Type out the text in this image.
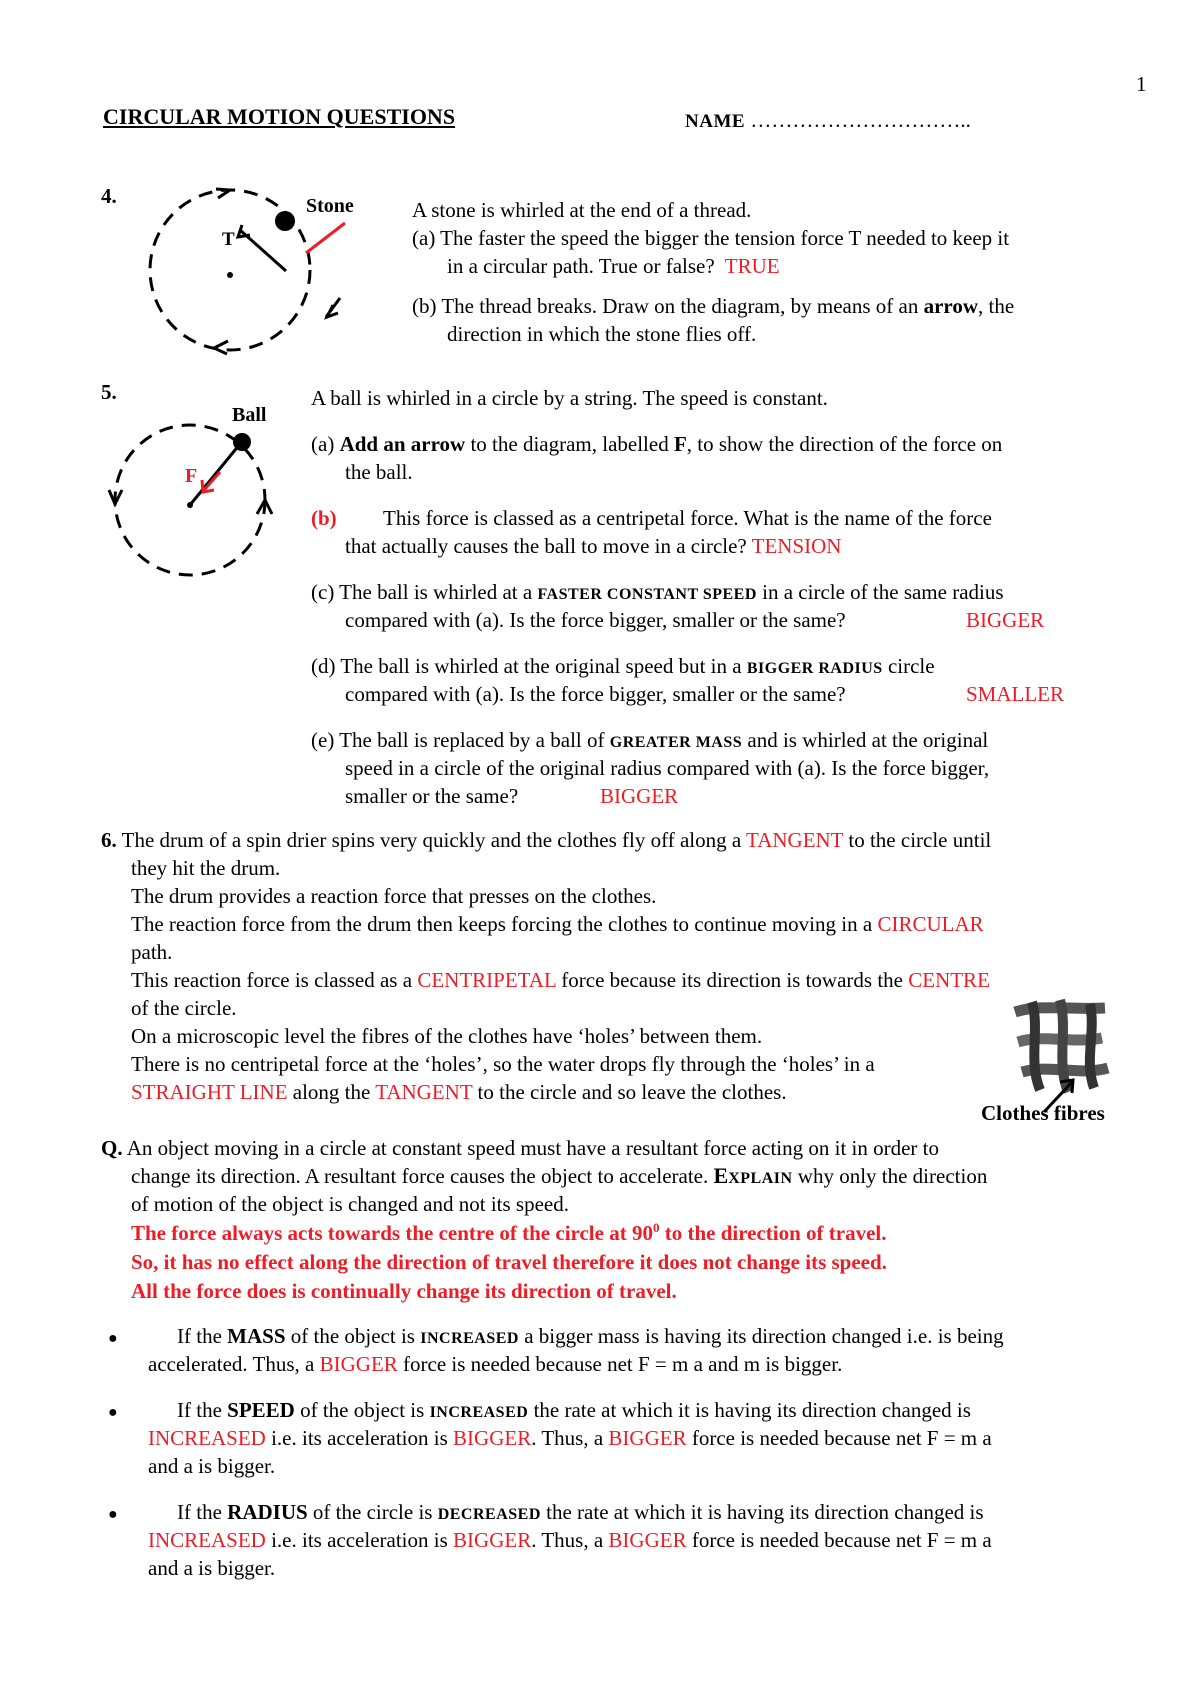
1
CIRCULAR MOTION QUESTIONS	NAME …………………………..
4.	Stone
T
A stone is whirled at the end of a thread.
(a) The faster the speed the bigger the tension force T needed to keep it
in a circular path. True or false? TRUE
(b) The thread breaks. Draw on the diagram, by means of an arrow, the
direction in which the stone flies off.
5.
Ball
F
A ball is whirled in a circle by a string. The speed is constant.
(a) Add an arrow to the diagram, labelled F, to show the direction of the force on
the ball.
(b) This force is classed as a centripetal force. What is the name of the force
that actually causes the ball to move in a circle? TENSION
(c) The ball is whirled at a FASTER CONSTANT SPEED in a circle of the same radius
compared with (a). Is the force bigger, smaller or the same?	BIGGER
(d) The ball is whirled at the original speed but in a BIGGER RADIUS circle
compared with (a). Is the force bigger, smaller or the same?	SMALLER
(e) The ball is replaced by a ball of GREATER MASS and is whirled at the original
speed in a circle of the original radius compared with (a). Is the force bigger,
smaller or the same?	BIGGER
6. The drum of a spin drier spins very quickly and the clothes fly off along a TANGENT to the circle until
they hit the drum.
The drum provides a reaction force that presses on the clothes.
The reaction force from the drum then keeps forcing the clothes to continue moving in a CIRCULAR
path.
This reaction force is classed as a CENTRIPETAL force because its direction is towards the CENTRE
of the circle.
On a microscopic level the fibres of the clothes have ‘holes’ between them.
There is no centripetal force at the ‘holes’, so the water drops fly through the ‘holes’ in a
STRAIGHT LINE along the TANGENT to the circle and so leave the clothes.
Clothes fibres
Q. An object moving in a circle at constant speed must have a resultant force acting on it in order to
change its direction. A resultant force causes the object to accelerate. EXPLAIN why only the direction
of motion of the object is changed and not its speed.
The force always acts towards the centre of the circle at $90^0$ to the direction of travel.
So, it has no effect along the direction of travel therefore it does not change its speed.
All the force does is continually change its direction of travel.
●	If the MASS of the object is INCREASED a bigger mass is having its direction changed i.e. is being
accelerated. Thus, a BIGGER force is needed because net F = m a and m is bigger.
●	If the SPEED of the object is INCREASED the rate at which it is having its direction changed is
INCREASED i.e. its acceleration is BIGGER. Thus, a BIGGER force is needed because net F = m a
and a is bigger.
●	If the RADIUS of the circle is DECREASED the rate at which it is having its direction changed is
INCREASED i.e. its acceleration is BIGGER. Thus, a BIGGER force is needed because net F = m a
and a is bigger.
